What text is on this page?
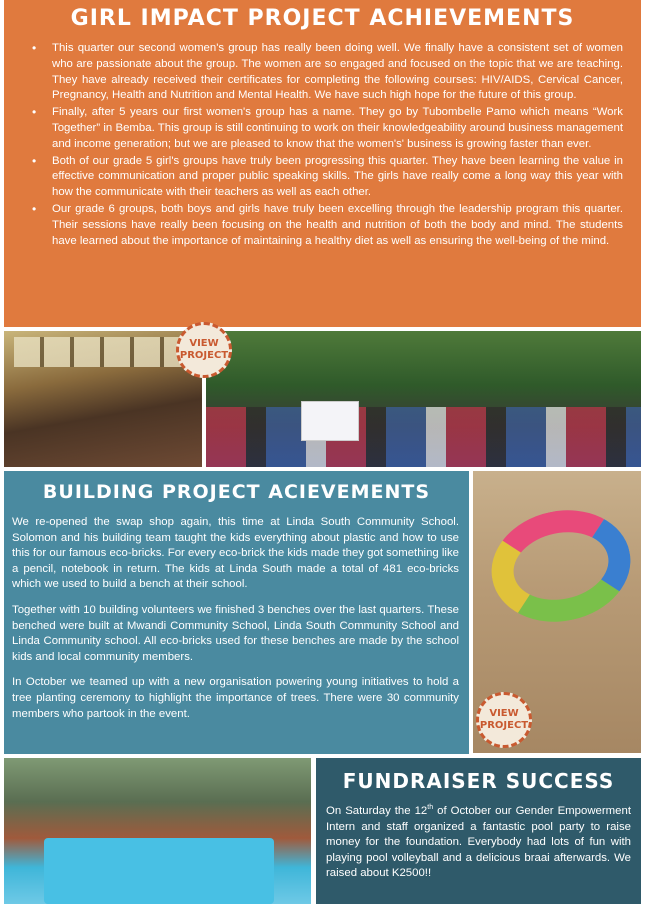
GIRL IMPACT PROJECT ACHIEVEMENTS
• This quarter our second women's group has really been doing well. We finally have a consistent set of women who are passionate about the group. The women are so engaged and focused on the topic that we are teaching. They have already received their certificates for completing the following courses: HIV/AIDS, Cervical Cancer, Pregnancy, Health and Nutrition and Mental Health. We have such high hope for the future of this group.
• Finally, after 5 years our first women's group has a name. They go by Tubombelle Pamo which means “Work Together” in Bemba. This group is still continuing to work on their knowledgeability around business management and income generation; but we are pleased to know that the women's' business is growing faster than ever.
• Both of our grade 5 girl's groups have truly been progressing this quarter. They have been learning the value in effective communication and proper public speaking skills. The girls have really come a long way this year with how the communicate with their teachers as well as each other.
• Our grade 6 groups, both boys and girls have truly been excelling through the leadership program this quarter. Their sessions have really been focusing on the health and nutrition of both the body and mind. The students have learned about the importance of maintaining a healthy diet as well as ensuring the well-being of the mind.
VIEW
PROJECT
BUILDING PROJECT ACIEVEMENTS

We re-opened the swap shop again, this time at Linda South Community School. Solomon and his building team taught the kids everything about plastic and how to use this for our famous eco-bricks. For every eco-brick the kids made they got something like a pencil, notebook in return. The kids at Linda South made a total of 481 eco-bricks which we used to build a bench at their school.

Together with 10 building volunteers we finished 3 benches over the last quarters. These benched were built at Mwandi Community School, Linda South Community School and Linda Community school. All eco-bricks used for these benches are made by the school kids and local community members.

In October we teamed up with a new organisation powering young initiatives to hold a tree planting ceremony to highlight the importance of trees. There were 30 community members who partook in the event.	VIEW
PROJECT
FUNDRAISER SUCCESS

On Saturday the 12th of October our Gender Empowerment Intern and staff organized a fantastic pool party to raise money for the foundation. Everybody had lots of fun with playing pool volleyball and a delicious braai afterwards. We raised about K2500!!
